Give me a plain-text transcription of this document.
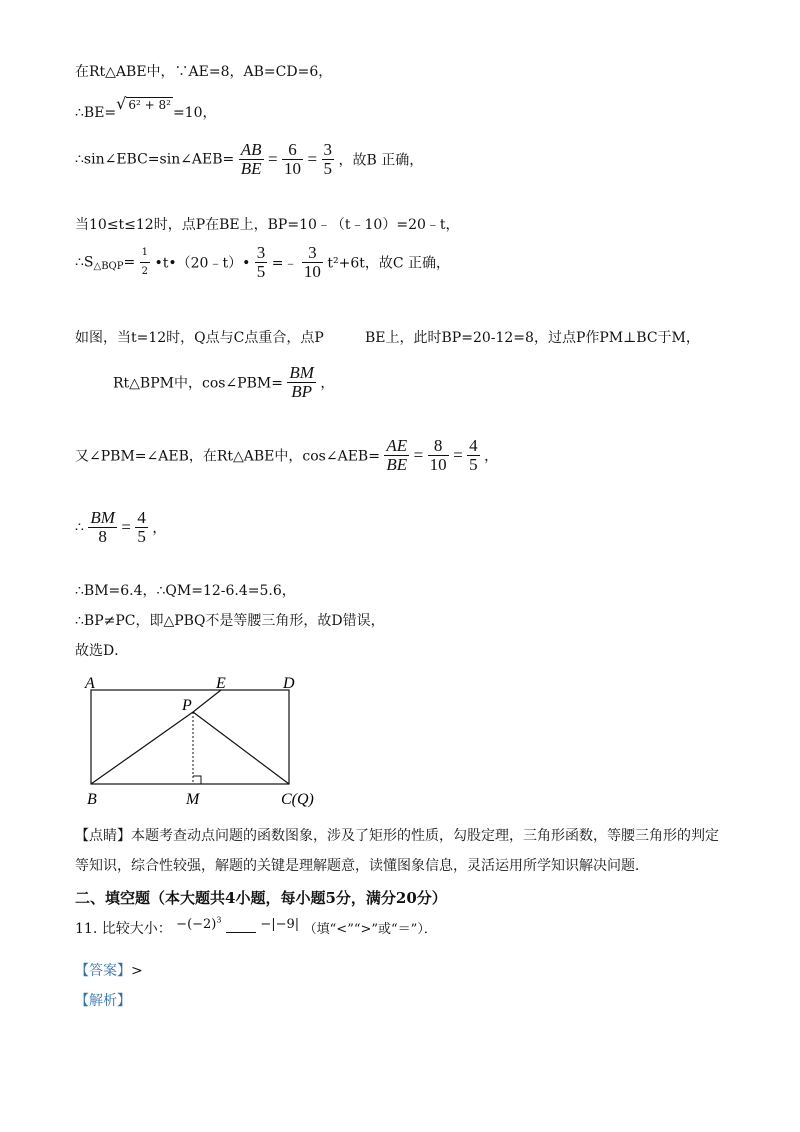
在Rt△ABE中，∵AE=8，AB=CD=6，
∴BE=√ 6² + 8² =10，
∴sin∠EBC=sin∠AEB= $\frac{AB}{BE} = \frac{6}{10} = \frac{3}{5}$ ，故B 正确，
当10≤t≤12时，点P在BE上，BP=10﹣（t﹣10）=20﹣t，
$\therefore S_{\triangle BQP}= \frac{1}{2}$ •t•（20﹣t）• $\frac{3}{5}$ =﹣ $\frac{3}{10} t^2+6t$，故C 正确，
如图，当t=12时，Q点与C点重合，点P	BE上，此时BP=20-12=8，过点P作PM⊥BC于M，
Rt△BPM中，cos∠PBM= $\frac{BM}{BP}$ ，
又∠PBM=∠AEB，在Rt△ABE中，cos∠AEB= $\frac{AE}{BE} = \frac{8}{10} = \frac{4}{5}$ ，
∴ $\frac{BM}{8} = \frac{4}{5}$ ，
∴BM=6.4，∴QM=12-6.4=5.6，
∴BP≠PC，即△PBQ不是等腰三角形，故D错误，
故选D．
A	E	D
P
B	M	C(Q)
【点睛】本题考查动点问题的函数图象，涉及了矩形的性质，勾股定理，三角形函数，等腰三角形的判定
等知识，综合性较强，解题的关键是理解题意，读懂图象信息，灵活运用所学知识解决问题．
二、填空题（本大题共4小题，每小题5分，满分20分）
11. 比较大小： $-(-2)^3$	−|−9| （填“<”“>”或“＝”）．
【答案】>
【解析】
